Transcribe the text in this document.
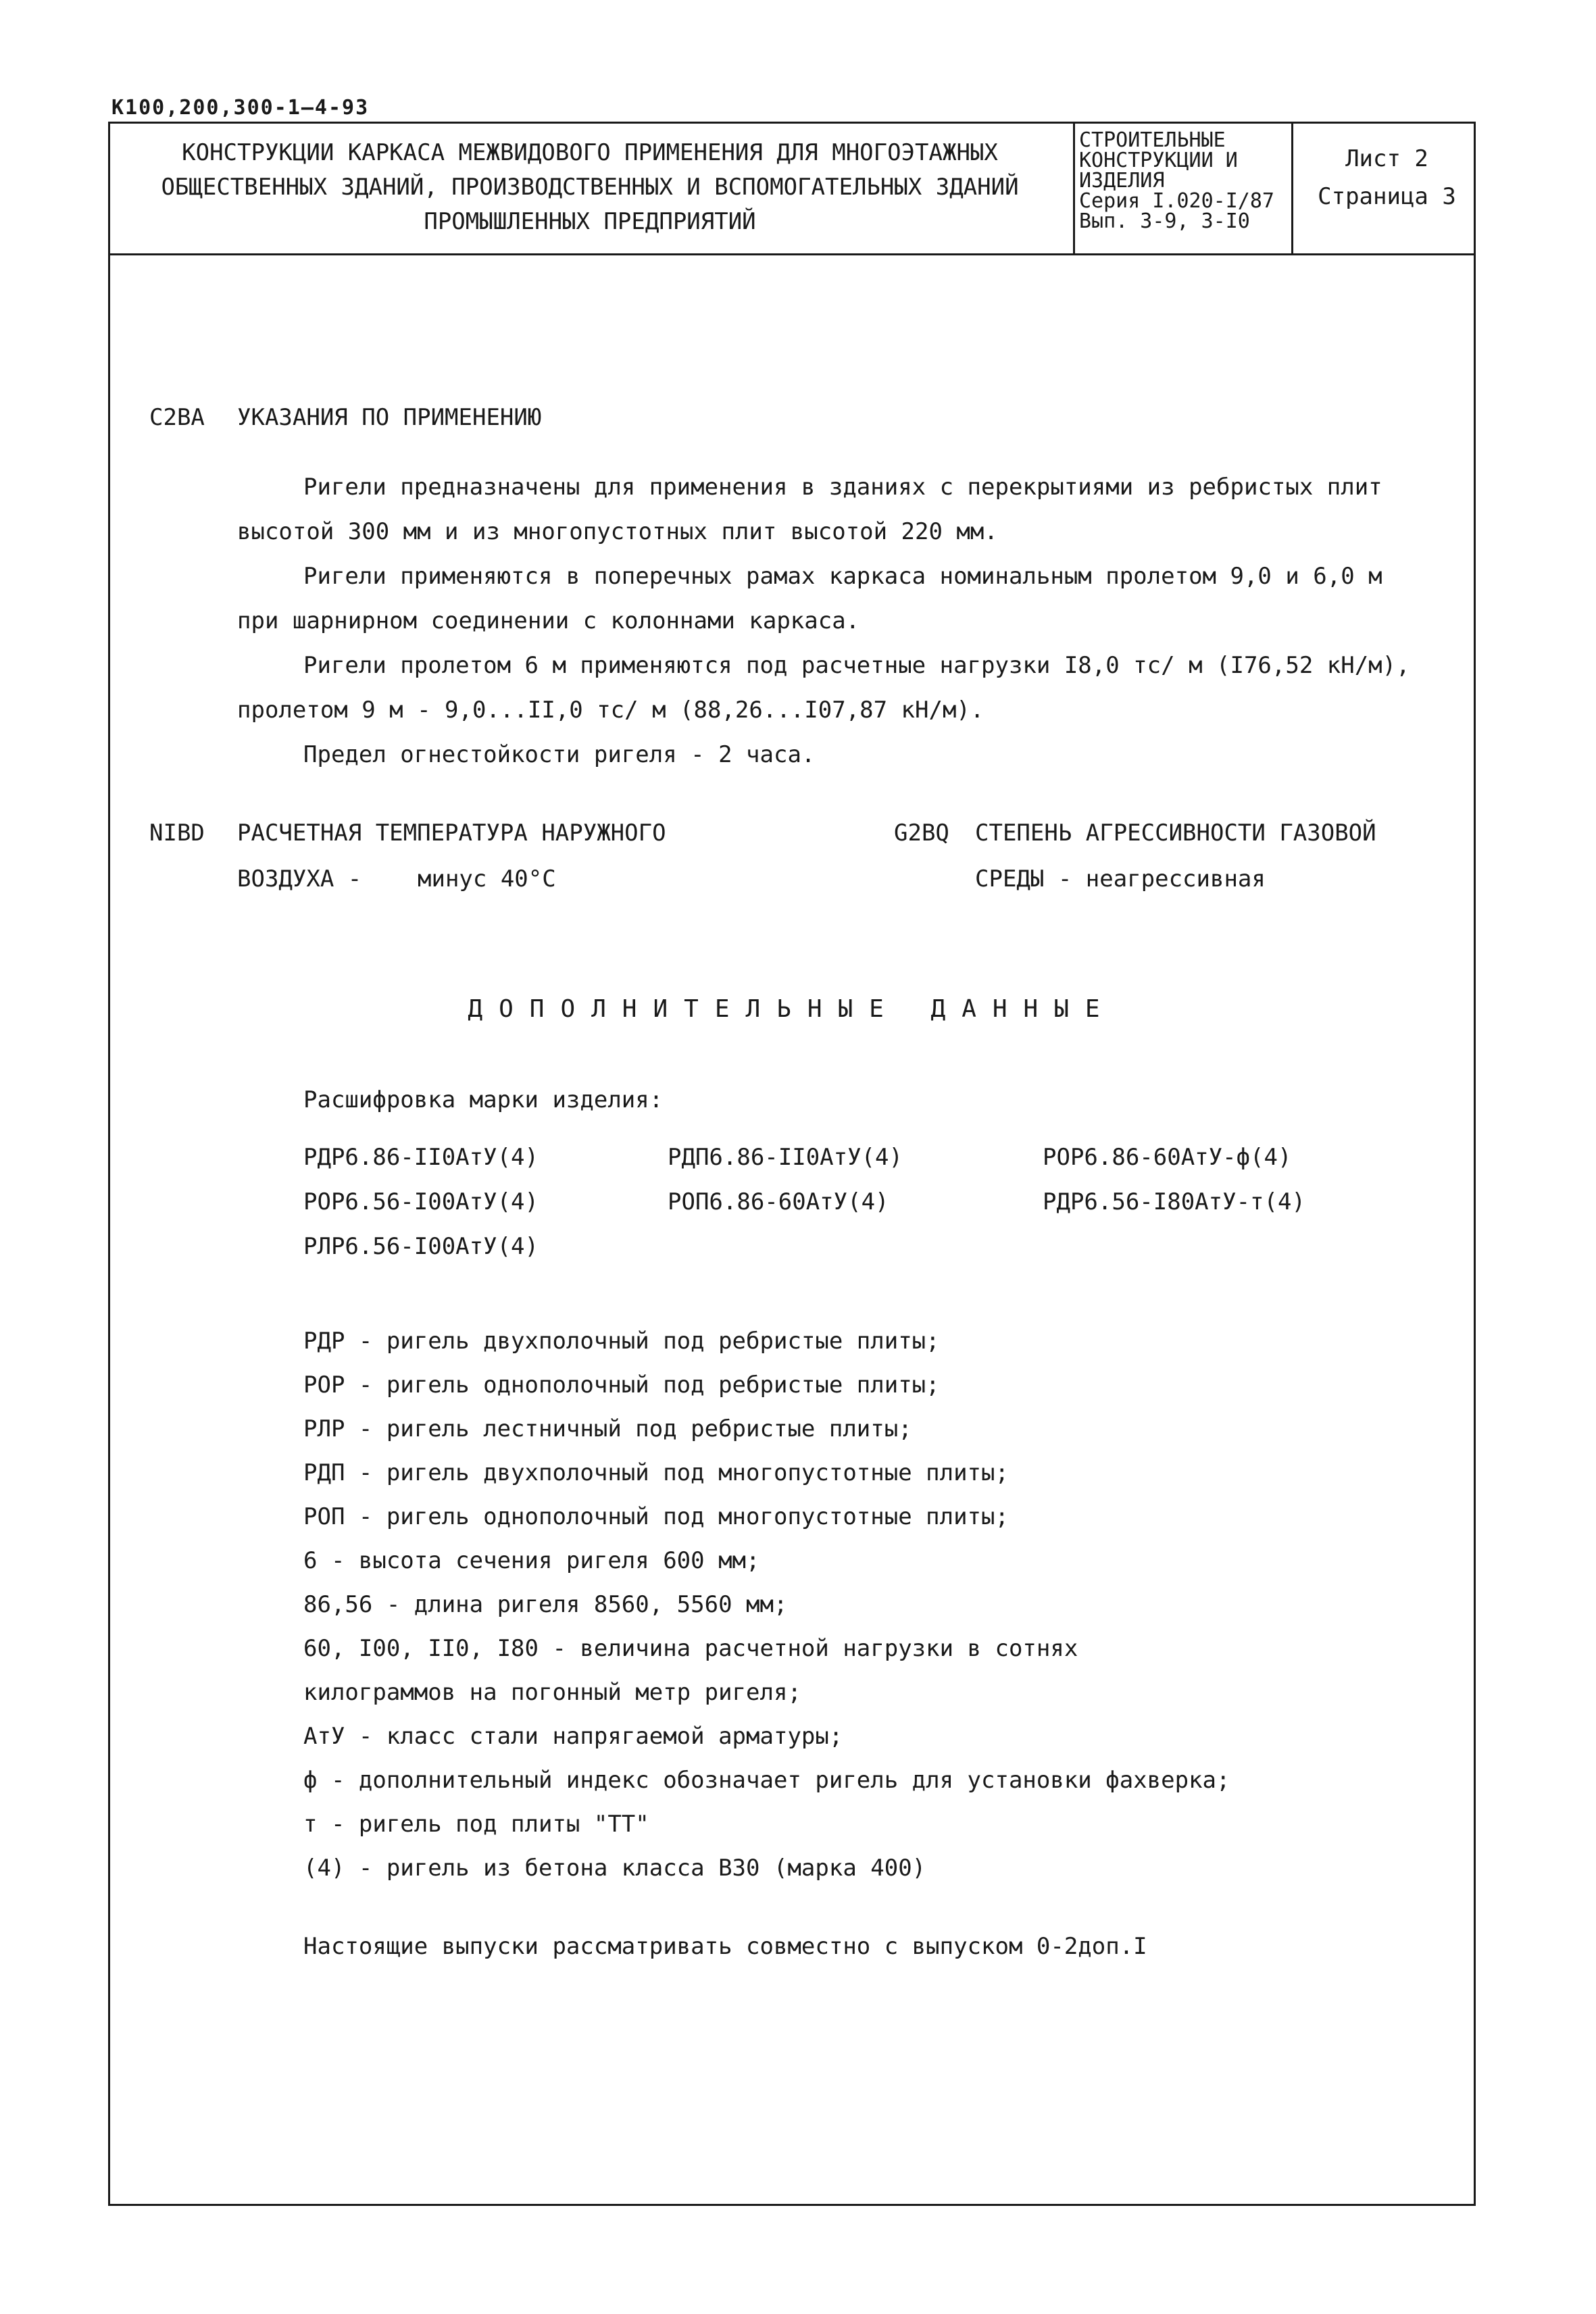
К100,200,300-1—4-93
КОНСТРУКЦИИ КАРКАСА МЕЖВИДОВОГО ПРИМЕНЕНИЯ ДЛЯ МНОГОЭТАЖНЫХ
ОБЩЕСТВЕННЫХ ЗДАНИЙ, ПРОИЗВОДСТВЕННЫХ И ВСПОМОГАТЕЛЬНЫХ ЗДАНИЙ
ПРОМЫШЛЕННЫХ ПРЕДПРИЯТИЙ
СТРОИТЕЛЬНЫЕ
КОНСТРУКЦИИ И
ИЗДЕЛИЯ
Серия I.020-I/87
Вып. 3-9, 3-I0
Лист 2
Страница 3
С2ВА УКАЗАНИЯ ПО ПРИМЕНЕНИЮ
Ригели предназначены для применения в зданиях с перекрытиями из ребристых плит
высотой 300 мм и из многопустотных плит высотой 220 мм.
Ригели применяются в поперечных рамах каркаса номинальным пролетом 9,0 и 6,0 м
при шарнирном соединении с колоннами каркаса.
Ригели пролетом 6 м применяются под расчетные нагрузки I8,0 тс/ м (I76,52 кН/м),
пролетом 9 м - 9,0...II,0 тс/ м (88,26...I07,87 кН/м).
Предел огнестойкости ригеля - 2 часа.
NIBD РАСЧЕТНАЯ ТЕМПЕРАТУРА НАРУЖНОГО
ВОЗДУХА - минус 40°С
G2BQ СТЕПЕНЬ АГРЕССИВНОСТИ ГАЗОВОЙ
СРЕДЫ - неагрессивная
ДОПОЛНИТЕЛЬНЫЕ ДАННЫЕ
Расшифровка марки изделия:
РДР6.86-II0АтУ(4)	РДП6.86-II0АтУ(4)	РОР6.86-60АтУ-ф(4)
РОР6.56-I00АтУ(4)	РОП6.86-60АтУ(4)	РДР6.56-I80АтУ-т(4)
РЛР6.56-I00АтУ(4)
РДР - ригель двухполочный под ребристые плиты;
РОР - ригель однополочный под ребристые плиты;
РЛР - ригель лестничный под ребристые плиты;
РДП - ригель двухполочный под многопустотные плиты;
РОП - ригель однополочный под многопустотные плиты;
6 - высота сечения ригеля 600 мм;
86,56 - длина ригеля 8560, 5560 мм;
60, I00, II0, I80 - величина расчетной нагрузки в сотнях
килограммов на погонный метр ригеля;
АтУ - класс стали напрягаемой арматуры;
ф - дополнительный индекс обозначает ригель для установки фахверка;
т - ригель под плиты "ТТ"
(4) - ригель из бетона класса В30 (марка 400)
Настоящие выпуски рассматривать совместно с выпуском 0-2доп.I
